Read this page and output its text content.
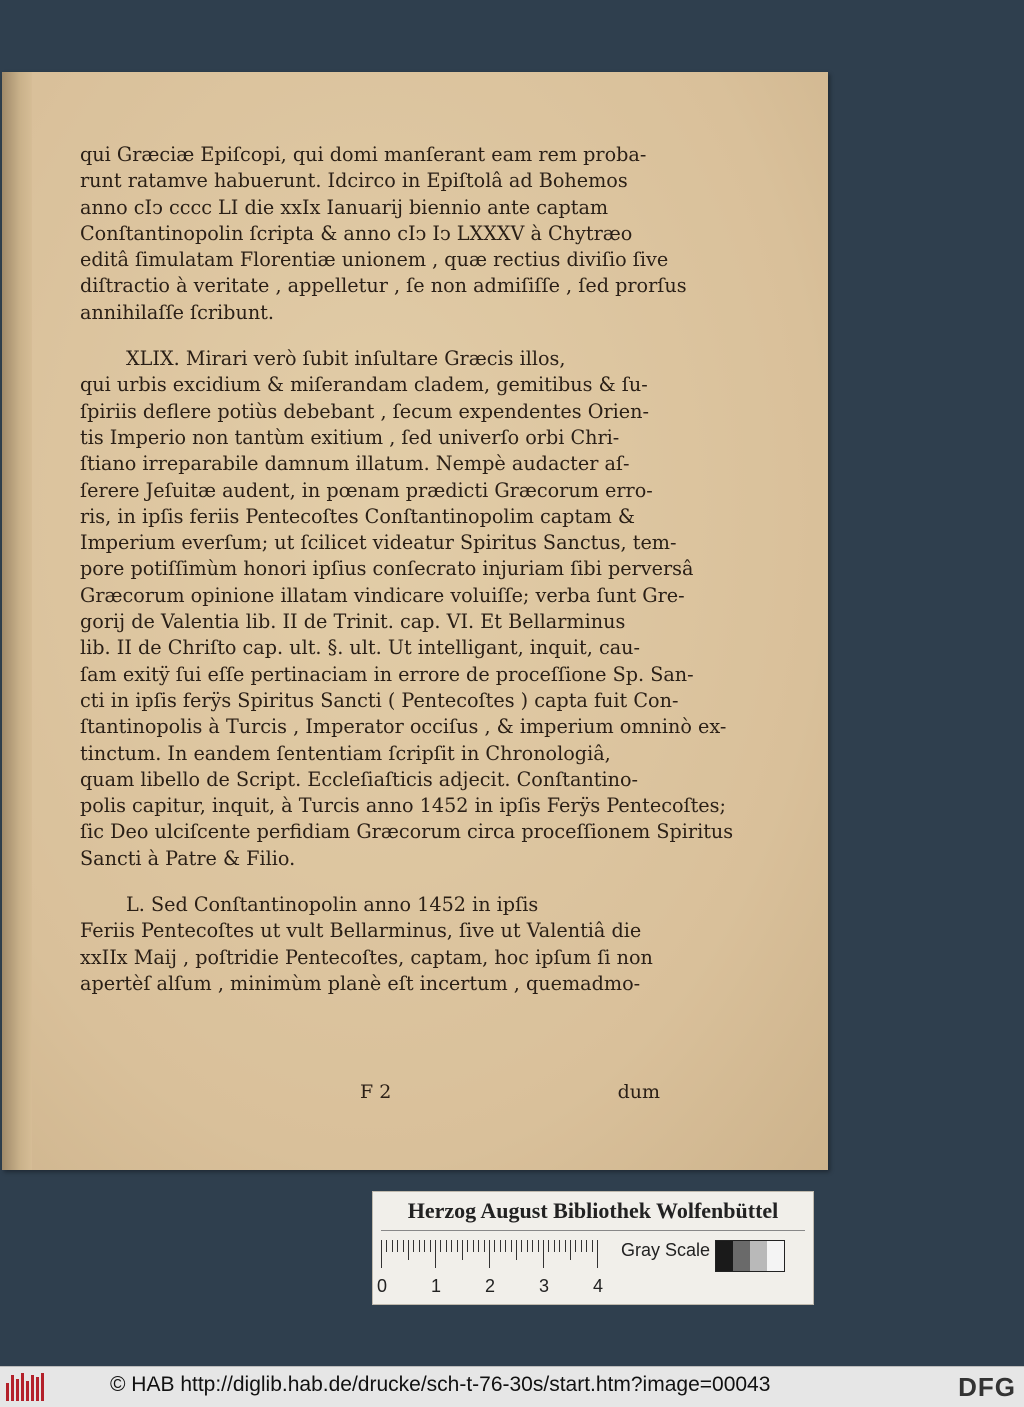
qui Græciæ Epiſcopi, qui domi manſerant eam rem proba-
runt ratamve habuerunt. Idcirco in Epiſtolâ ad Bohemos
anno cIↄ cccc LI die xxIx Ianuarij biennio ante captam
Conſtantinopolin ſcripta & anno cIↄ Iↄ LXXXV à Chytræo
editâ ſimulatam Florentiæ unionem , quæ rectius diviſio ſive
diſtractio à veritate , appelletur , ſe non admiſiſſe , ſed prorſus
annihilaſſe ſcribunt.
XLIX. Mirari verò ſubit inſultare Græcis illos,
qui urbis excidium & miſerandam cladem, gemitibus & ſu-
ſpiriis deflere potiùs debebant , ſecum expendentes Orien-
tis Imperio non tantùm exitium , ſed univerſo orbi Chri-
ſtiano irreparabile damnum illatum. Nempè audacter aſ-
ſerere Jeſuitæ audent, in pœnam prædicti Græcorum erro-
ris, in ipſis feriis Pentecoſtes Conſtantinopolim captam &
Imperium everſum; ut ſcilicet videatur Spiritus Sanctus, tem-
pore potiſſimùm honori ipſius conſecrato injuriam ſibi perversâ
Græcorum opinione illatam vindicare voluiſſe; verba ſunt Gre-
gorij de Valentia lib. II de Trinit. cap. VI. Et Bellarminus
lib. II de Chriſto cap. ult. §. ult. Ut intelligant, inquit, cau-
ſam exitÿ ſui eſſe pertinaciam in errore de proceſſione Sp. San-
cti in ipſis ferÿs Spiritus Sancti ( Pentecoſtes ) capta fuit Con-
ſtantinopolis à Turcis , Imperator occiſus , & imperium omninò ex-
tinctum. In eandem ſententiam ſcripſit in Chronologiâ,
quam libello de Script. Eccleſiaſticis adjecit. Conſtantino-
polis capitur, inquit, à Turcis anno 1452 in ipſis Ferÿs Pentecoſtes;
ſic Deo ulciſcente perfidiam Græcorum circa proceſſionem Spiritus
Sancti à Patre & Filio.
L. Sed Conſtantinopolin anno 1452 in ipſis
Feriis Pentecoſtes ut vult Bellarminus, ſive ut Valentiâ die
xxIIx Maij , poſtridie Pentecoſtes, captam, hoc ipſum ſi non
apertèſ alſum , minimùm planè eſt incertum , quemadmo-
F 2	dum
Herzog August Bibliothek Wolfenbüttel
0 1 2 3 4
Gray Scale
© HAB http://diglib.hab.de/drucke/sch-t-76-30s/start.htm?image=00043	DFG
